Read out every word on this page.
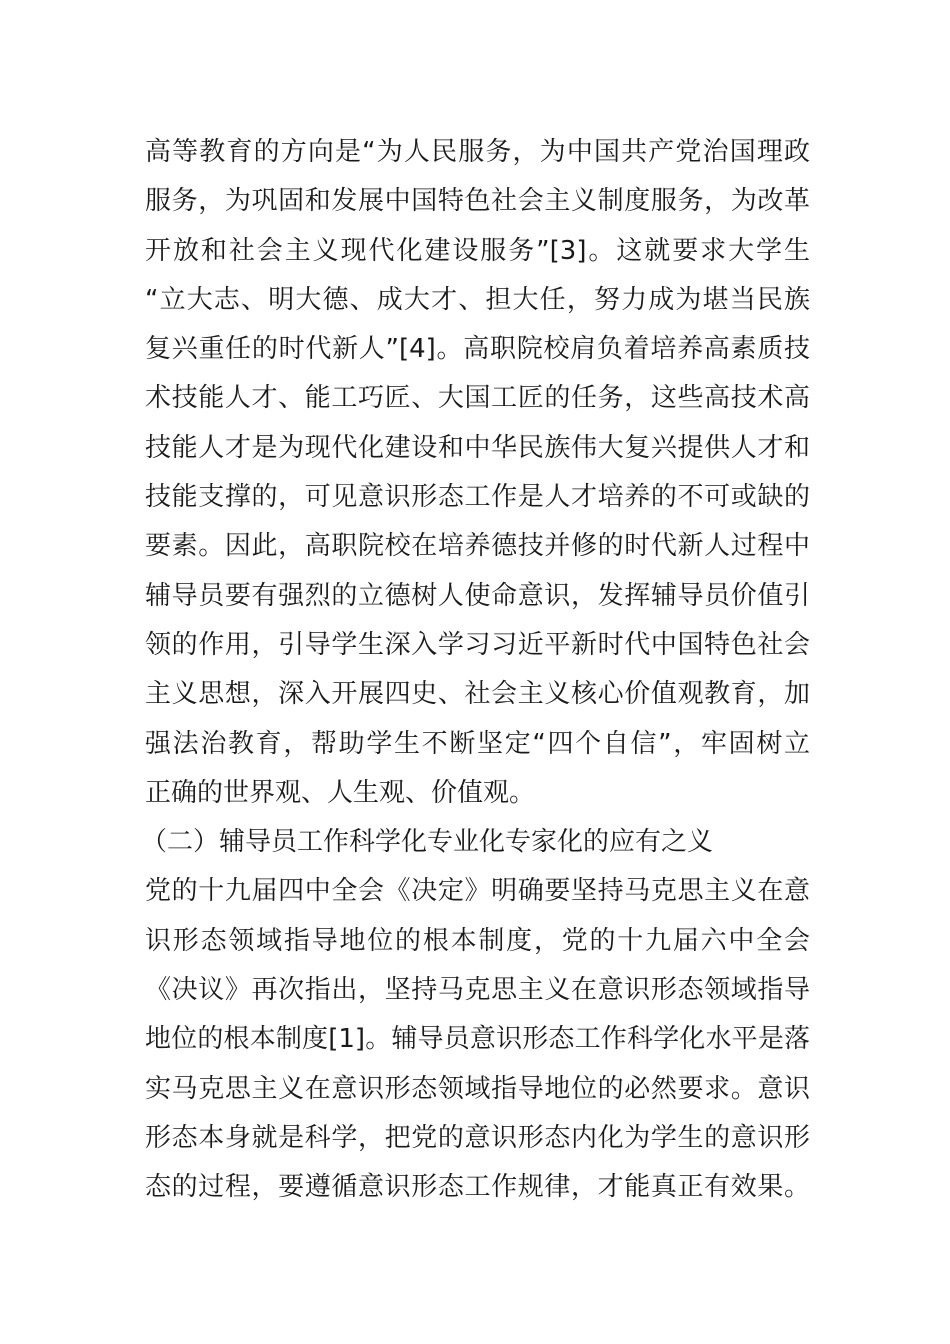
高等教育的方向是“为人民服务，为中国共产党治国理政
服务，为巩固和发展中国特色社会主义制度服务，为改革
开放和社会主义现代化建设服务”[3]。这就要求大学生
“立大志、明大德、成大才、担大任，努力成为堪当民族
复兴重任的时代新人”[4]。高职院校肩负着培养高素质技
术技能人才、能工巧匠、大国工匠的任务，这些高技术高
技能人才是为现代化建设和中华民族伟大复兴提供人才和
技能支撑的，可见意识形态工作是人才培养的不可或缺的
要素。因此，高职院校在培养德技并修的时代新人过程中
辅导员要有强烈的立德树人使命意识，发挥辅导员价值引
领的作用，引导学生深入学习习近平新时代中国特色社会
主义思想，深入开展四史、社会主义核心价值观教育，加
强法治教育，帮助学生不断坚定“四个自信”，牢固树立
正确的世界观、人生观、价值观。
（二）辅导员工作科学化专业化专家化的应有之义
党的十九届四中全会《决定》明确要坚持马克思主义在意
识形态领域指导地位的根本制度，党的十九届六中全会
《决议》再次指出，坚持马克思主义在意识形态领域指导
地位的根本制度[1]。辅导员意识形态工作科学化水平是落
实马克思主义在意识形态领域指导地位的必然要求。意识
形态本身就是科学，把党的意识形态内化为学生的意识形
态的过程，要遵循意识形态工作规律，才能真正有效果。
